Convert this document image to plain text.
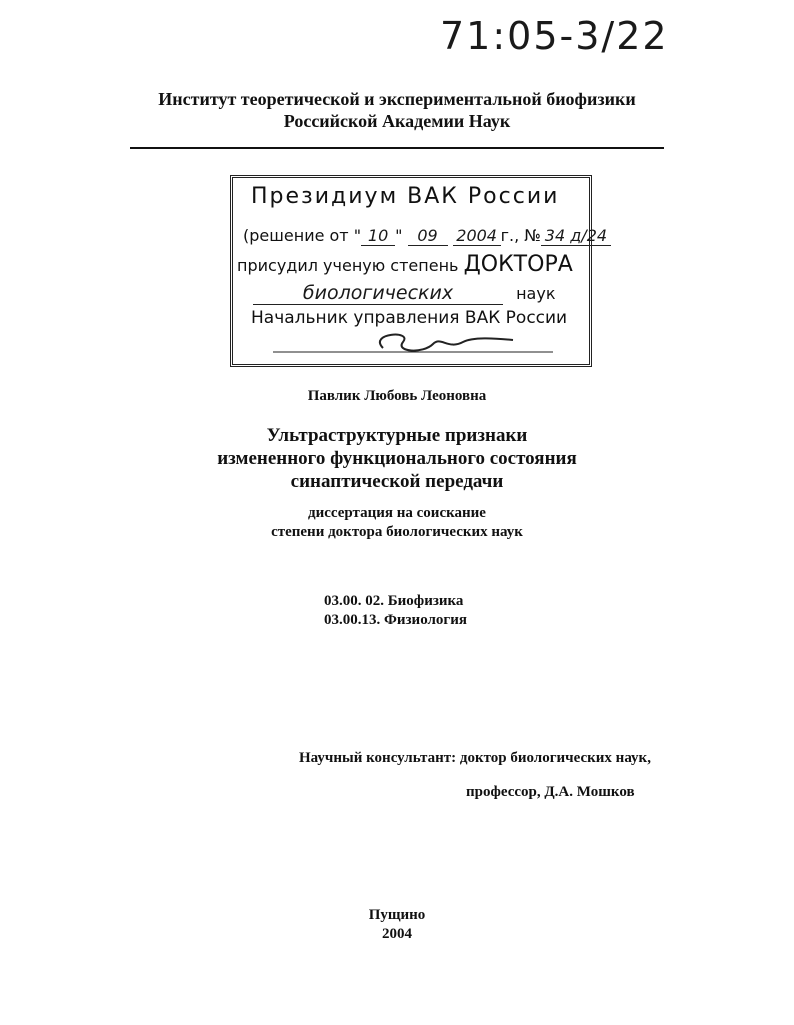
71:05-3/22
Институт теоретической и экспериментальной биофизики
Российской Академии Наук
Президиум ВАК России
(решение от " 10 " 09 2004 г., № 34 д/24
присудил ученую степень ДОКТОРА
биологических	наук
Начальник управления ВАК России
Павлик Любовь Леоновна
Ультраструктурные признаки
измененного функционального состояния
синаптической передачи
диссертация на соискание
степени доктора биологических наук
03.00. 02. Биофизика
03.00.13. Физиология
Научный консультант: доктор биологических наук,
профессор, Д.А. Мошков
Пущино
2004
